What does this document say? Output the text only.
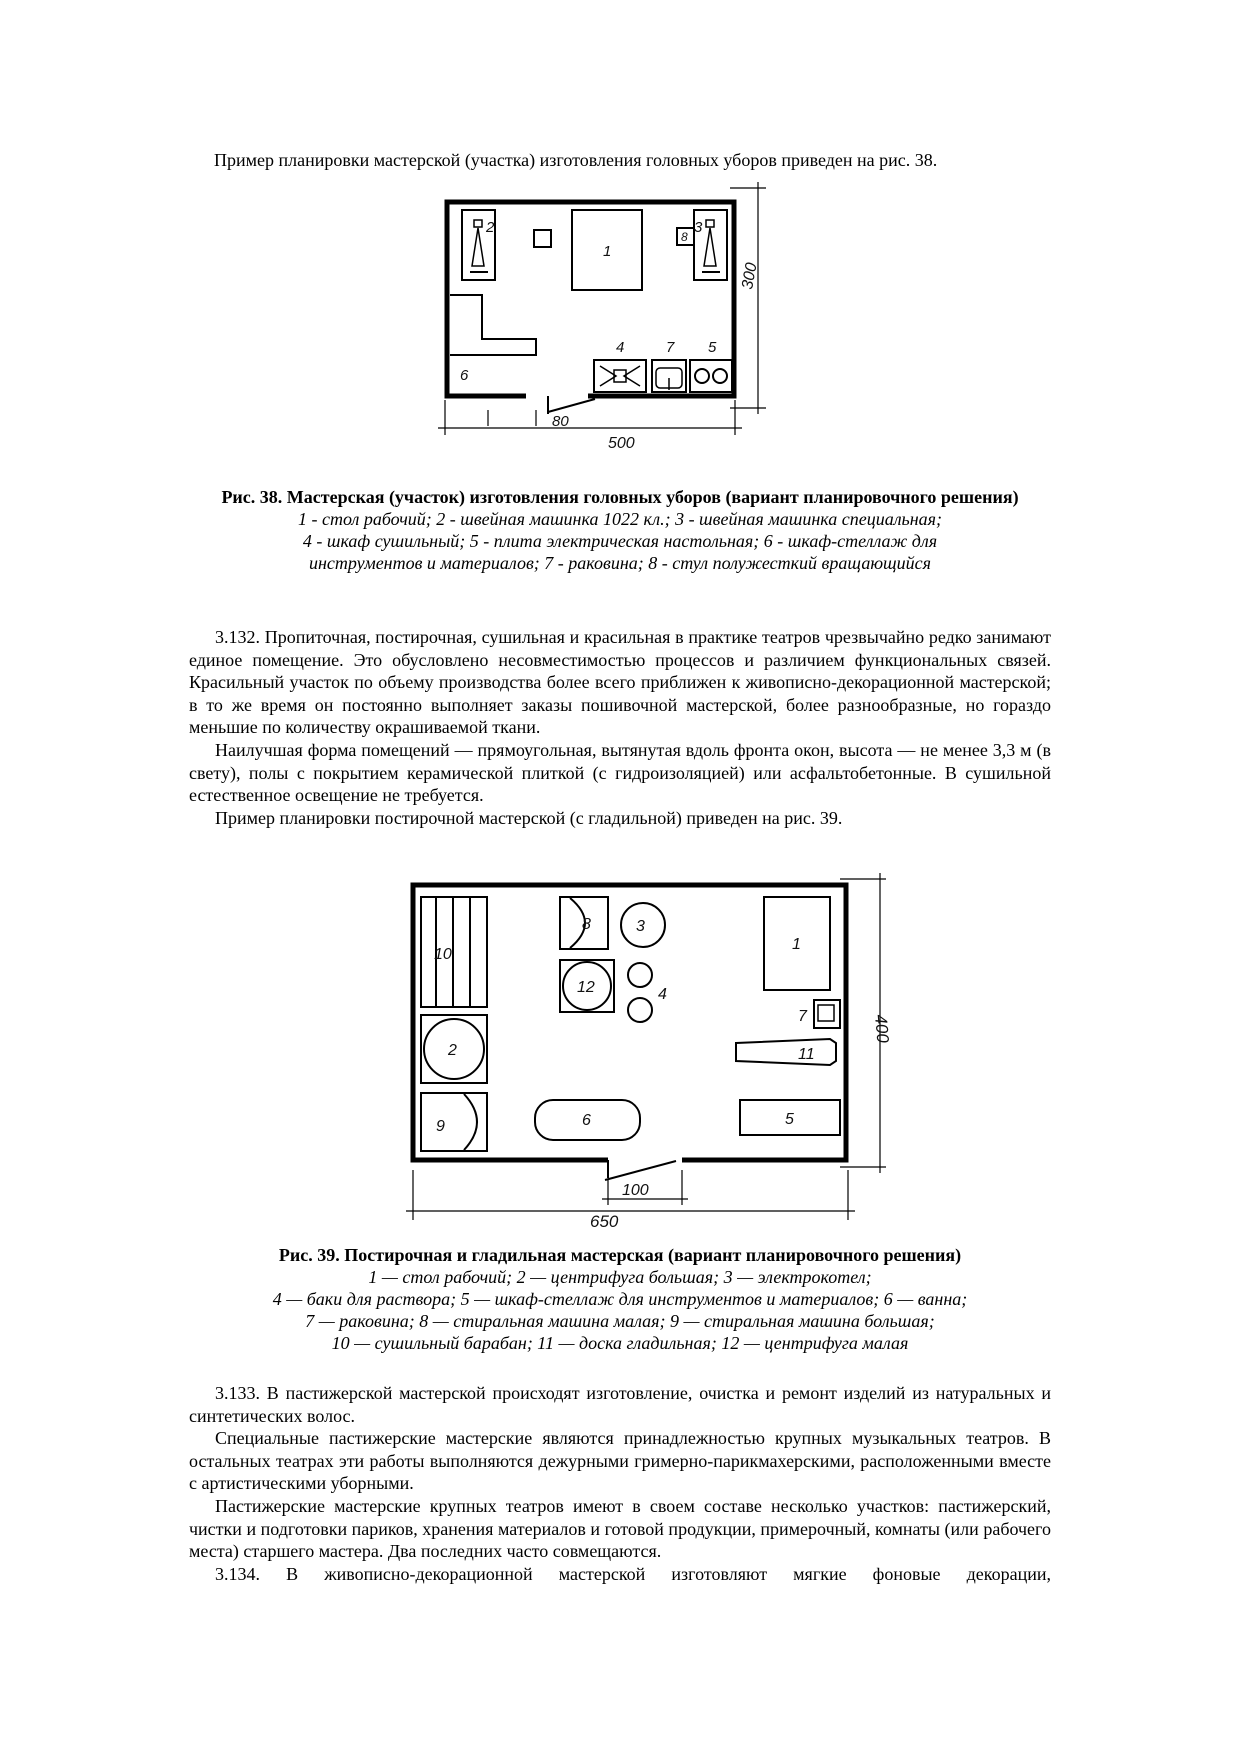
Пример планировки мастерской (участка) изготовления головных уборов приведен на рис. 38.
1
2	3
4	5
6
7
8
300
500
80
Рис. 38. Мастерская (участок) изготовления головных уборов (вариант планировочного решения)
1 - стол рабочий; 2 - швейная машинка 1022 кл.; 3 - швейная машинка специальная;
4 - шкаф сушильный; 5 - плита электрическая настольная; 6 - шкаф-стеллаж для
инструментов и материалов; 7 - раковина; 8 - стул полужесткий вращающийся

3.132. Пропиточная, постирочная, сушильная и красильная в практике театров чрезвычайно редко занимают единое помещение. Это обусловлено несовместимостью процессов и различием функциональных связей. Красильный участок по объему производства более всего приближен к живописно-декорационной мастерской; в то же время он постоянно выполняет заказы пошивочной мастерской, более разнообразные, но гораздо меньшие по количеству окрашиваемой ткани.

Наилучшая форма помещений — прямоугольная, вытянутая вдоль фронта окон, высота — не менее 3,3 м (в свету), полы с покрытием керамической плиткой (с гидроизоляцией) или асфальтобетонные. В сушильной естественное освещение не требуется.

Пример планировки постирочной мастерской (с гладильной) приведен на рис. 39.

1
2
3
4
5
6
7
8
9
10
11
12
400
650
100
Рис. 39. Постирочная и гладильная мастерская (вариант планировочного решения)
1 — стол рабочий; 2 — центрифуга большая; 3 — электрокотел;
4 — баки для раствора; 5 — шкаф-стеллаж для инструментов и материалов; 6 — ванна;
7 — раковина; 8 — стиральная машина малая; 9 — стиральная машина большая;
10 — сушильный барабан; 11 — доска гладильная; 12 — центрифуга малая

3.133. В пастижерской мастерской происходят изготовление, очистка и ремонт изделий из натуральных и синтетических волос.

Специальные пастижерские мастерские являются принадлежностью крупных музыкальных театров. В остальных театрах эти работы выполняются дежурными гримерно-парикмахерскими, расположенными вместе с артистическими уборными.

Пастижерские мастерские крупных театров имеют в своем составе несколько участков: пастижерский, чистки и подготовки париков, хранения материалов и готовой продукции, примерочный, комнаты (или рабочего места) старшего мастера. Два последних часто совмещаются.

3.134. В живописно-декорационной мастерской изготовляют мягкие фоновые декорации,
